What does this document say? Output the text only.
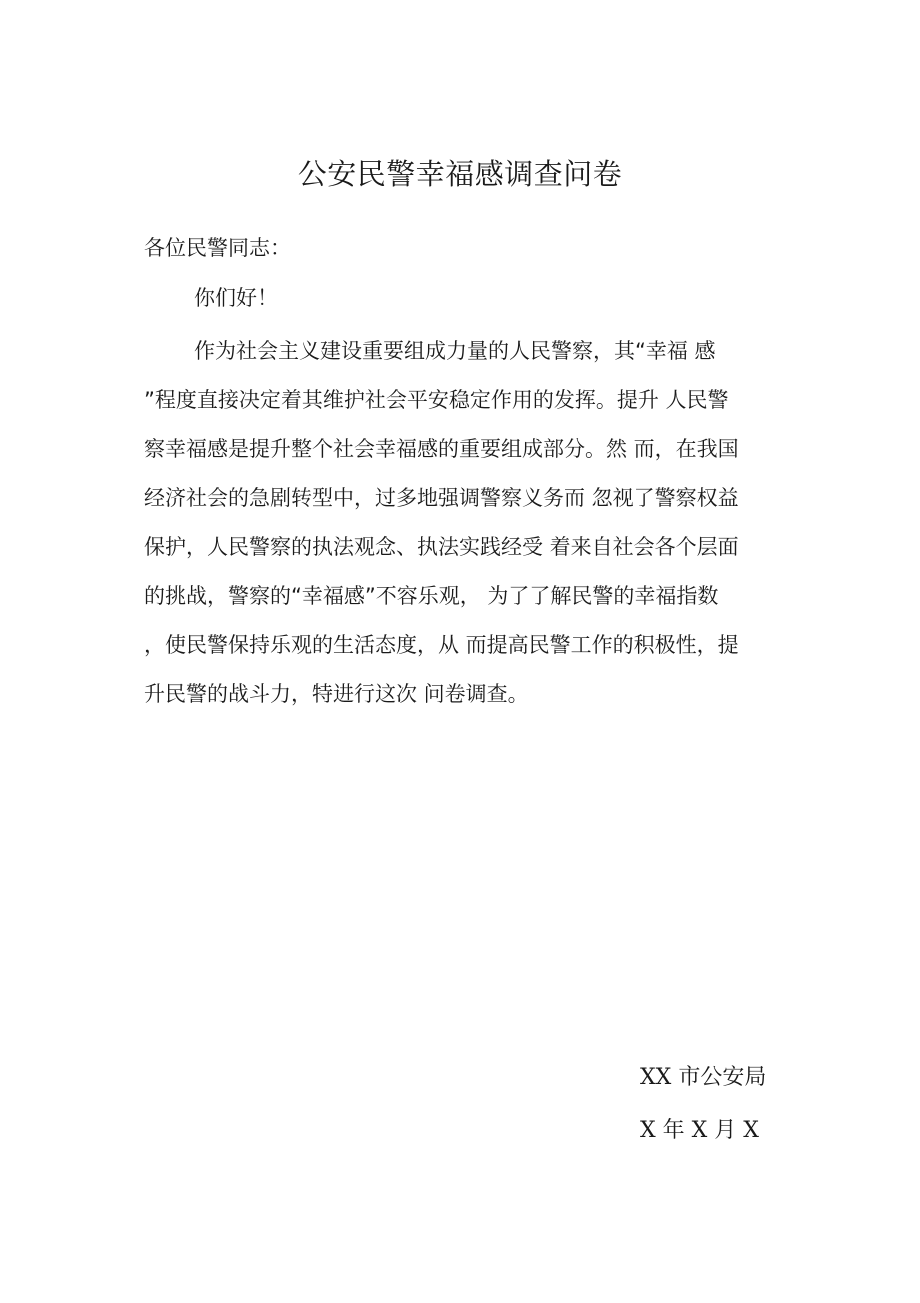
公安民警幸福感调查问卷
各位民警同志：
你们好！

作为社会主义建设重要组成力量的人民警察，其“幸福 感
”程度直接决定着其维护社会平安稳定作用的发挥。提升 人民警
察幸福感是提升整个社会幸福感的重要组成部分。然 而，在我国
经济社会的急剧转型中，过多地强调警察义务而 忽视了警察权益
保护，人民警察的执法观念、执法实践经受 着来自社会各个层面
的挑战，警察的“幸福感”不容乐观， 为了了解民警的幸福指数
，使民警保持乐观的生活态度，从 而提高民警工作的积极性，提
升民警的战斗力，特进行这次 问卷调查。

XX 市公安局
X 年 X 月 X
